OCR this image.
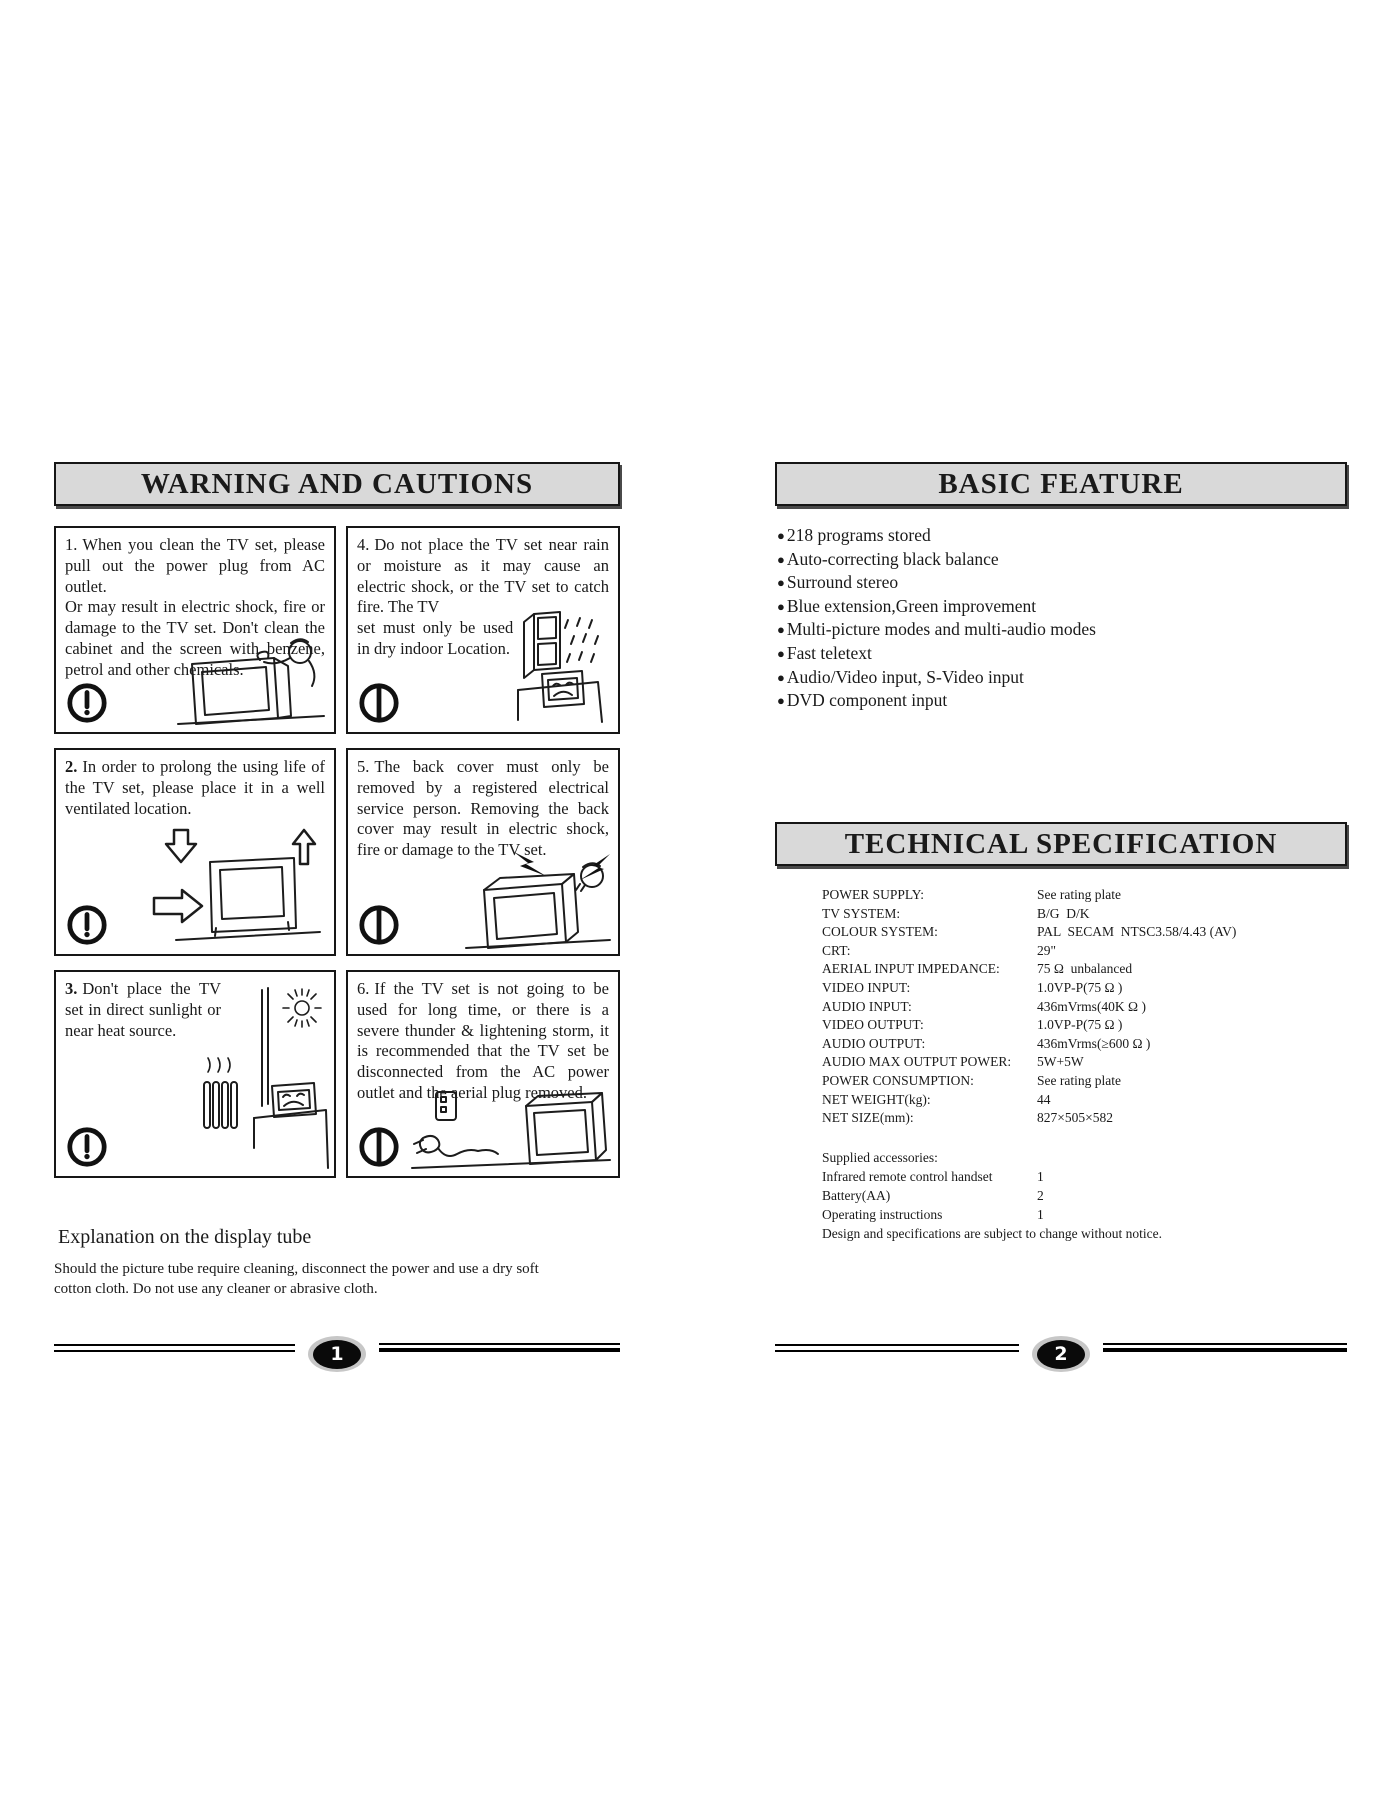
WARNING AND CAUTIONS

1. When you clean the TV set, please pull out the power plug from AC outlet.

Or may result in electric shock, fire or damage to the TV set. Don't clean the cabinet and the screen with benzene, petrol and other chemicals.

4. Do not place the TV set near rain or moisture as it may cause an electric shock, or the TV set to catch fire. The TV

set must only be used in dry indoor Location.

2. In order to prolong the using life of the TV set, please place it in a well ventilated location.

5. The back cover must only be removed by a registered electrical service person. Removing the back cover may result in electric shock, fire or damage to the TV set.

3. Don't place the TV set in direct sunlight or near heat source.

6. If the TV set is not going to be used for long time, or there is a severe thunder & lightening storm, it is recommended that the TV set be disconnected from the AC power outlet and the aerial plug removed.

Explanation on the display tube
Should the picture tube require cleaning, disconnect the power and use a dry soft cotton cloth. Do not use any cleaner or abrasive cloth.
1
BASIC FEATURE
● 218 programs stored
● Auto-correcting black balance
● Surround stereo
● Blue extension,Green improvement
● Multi-picture modes and multi-audio modes
● Fast teletext
● Audio/Video input, S-Video input
● DVD component input
TECHNICAL SPECIFICATION
POWER SUPPLY:	See rating plate
TV SYSTEM:	B/G  D/K
COLOUR SYSTEM:	PAL  SECAM  NTSC3.58/4.43 (AV)
CRT:	29"
AERIAL INPUT IMPEDANCE:	75 Ω  unbalanced
VIDEO INPUT:	1.0VP-P(75 Ω )
AUDIO INPUT:	436mVrms(40K Ω )
VIDEO OUTPUT:	1.0VP-P(75 Ω )
AUDIO OUTPUT:	436mVrms(≥600 Ω )
AUDIO MAX OUTPUT POWER:	5W+5W
POWER CONSUMPTION:	See rating plate
NET WEIGHT(kg):	44
NET SIZE(mm):	827×505×582
Supplied accessories:
Infrared remote control handset	1
Battery(AA)	2
Operating instructions	1
Design and specifications are subject to change without notice.
2
